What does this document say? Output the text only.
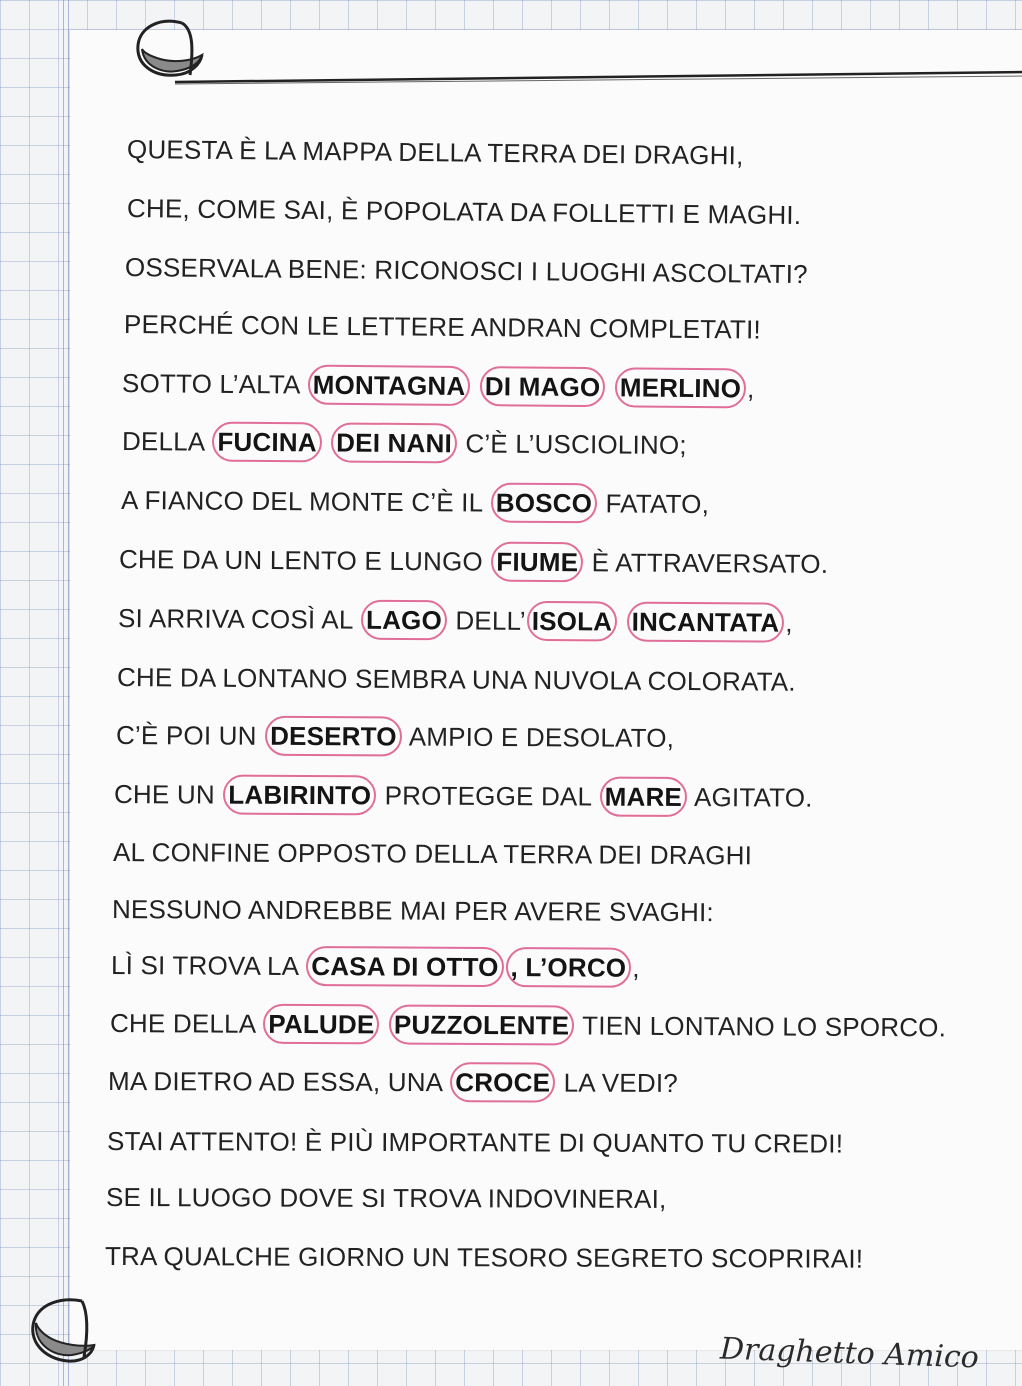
QUESTA È LA MAPPA DELLA TERRA DEI DRAGHI,
CHE, COME SAI, È POPOLATA DA FOLLETTI E MAGHI.
OSSERVALA BENE: RICONOSCI I LUOGHI ASCOLTATI?
PERCHÉ CON LE LETTERE ANDRAN COMPLETATI!
SOTTO L’ALTA MONTAGNA DI MAGO MERLINO ,
DELLA FUCINA DEI NANI C’È L’USCIOLINO;
A FIANCO DEL MONTE C’È IL BOSCO FATATO,
CHE DA UN LENTO E LUNGO FIUME È ATTRAVERSATO.
SI ARRIVA COSÌ AL LAGO DELL’ ISOLA INCANTATA ,
CHE DA LONTANO SEMBRA UNA NUVOLA COLORATA.
C’È POI UN DESERTO AMPIO E DESOLATO,
CHE UN LABIRINTO PROTEGGE DAL MARE AGITATO.
AL CONFINE OPPOSTO DELLA TERRA DEI DRAGHI
NESSUNO ANDREBBE MAI PER AVERE SVAGHI:
LÌ SI TROVA LA CASA DI OTTO , L’ORCO ,
CHE DELLA PALUDE PUZZOLENTE TIEN LONTANO LO SPORCO.
MA DIETRO AD ESSA, UNA CROCE LA VEDI?
STAI ATTENTO! È PIÙ IMPORTANTE DI QUANTO TU CREDI!
SE IL LUOGO DOVE SI TROVA INDOVINERAI,
TRA QUALCHE GIORNO UN TESORO SEGRETO SCOPRIRAI!
Draghetto Amico
